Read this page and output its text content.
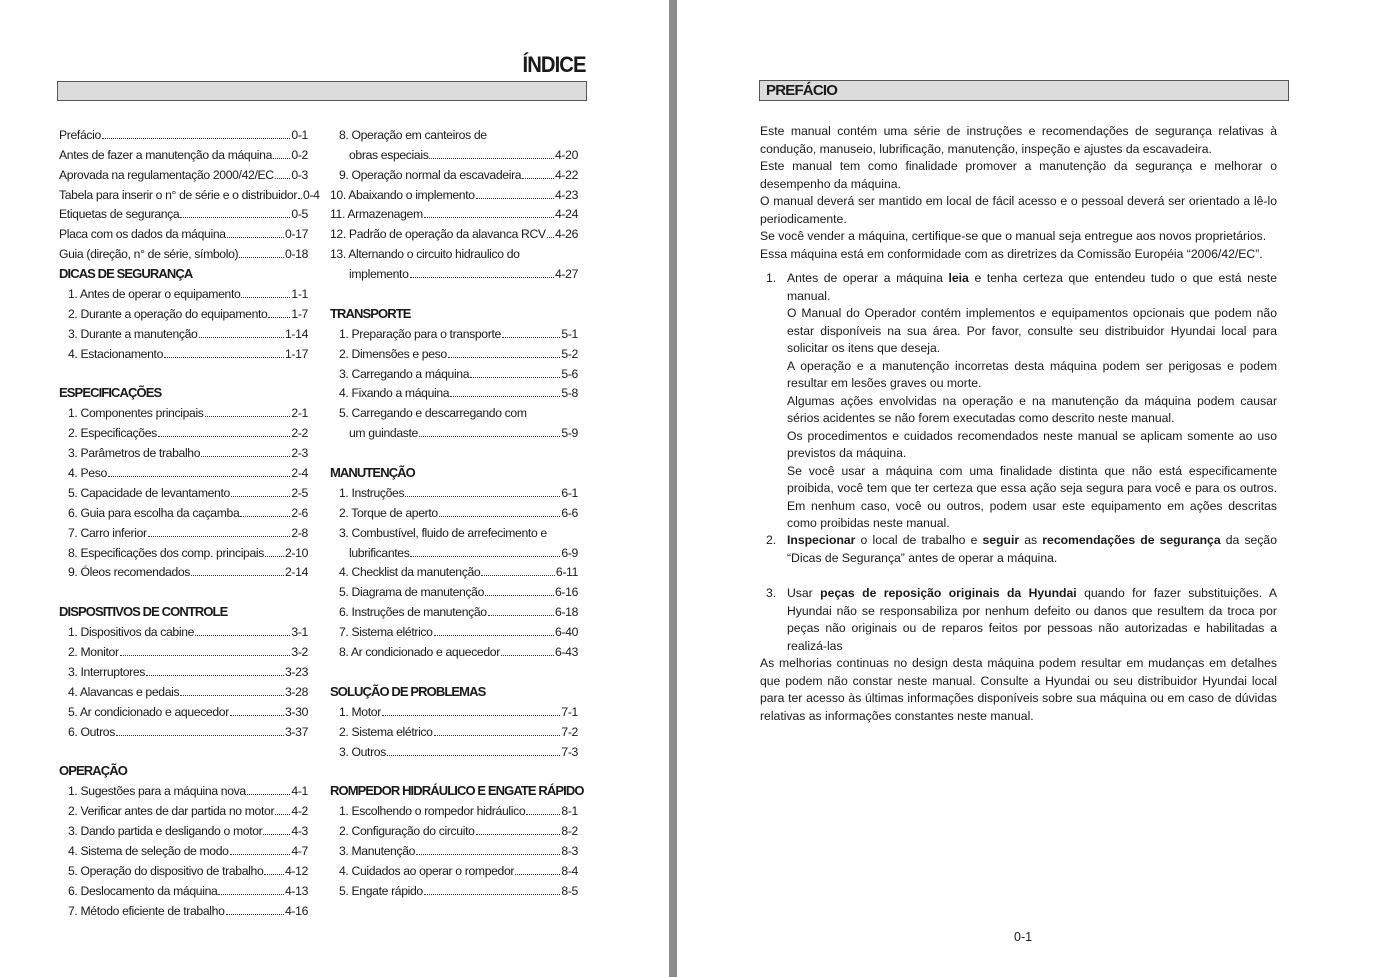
ÍNDICE
Prefácio	0-1
Antes de fazer a manutenção da máquina 0-2
Aprovada na regulamentação 2000/42/EC 0-3
Tabela para inserir o n° de série e o distribuidor 0-4
Etiquetas de segurança	0-5
Placa com os dados da máquina	0-17
Guia (direção, n° de série, símbolo)	0-18
DICAS DE SEGURANÇA
1. Antes de operar o equipamento	1-1
2. Durante a operação do equipamento 1-7
3. Durante a manutenção	1-14
4. Estacionamento	1-17
ESPECIFICAÇÕES
1. Componentes principais	2-1
2. Especificações	2-2
3. Parâmetros de trabalho	2-3
4. Peso	2-4
5. Capacidade de levantamento	2-5
6. Guia para escolha da caçamba	2-6
7. Carro inferior	2-8
8. Especificações dos comp. principais 2-10
9. Óleos recomendados	2-14
DISPOSITIVOS DE CONTROLE
1. Dispositivos da cabine	3-1
2. Monitor	3-2
3. Interruptores	3-23
4. Alavancas e pedais	3-28
5. Ar condicionado e aquecedor	3-30
6. Outros	3-37
OPERAÇÃO
1. Sugestões para a máquina nova	4-1
2. Verificar antes de dar partida no motor 4-2
3. Dando partida e desligando o motor 4-3
4. Sistema de seleção de modo	4-7
5. Operação do dispositivo de trabalho 4-12
6. Deslocamento da máquina	4-13
7. Método eficiente de trabalho	4-16
8. Operação em canteiros de
obras especiais	4-20
9. Operação normal da escavadeira	4-22
10. Abaixando o implemento	4-23
11. Armazenagem	4-24
12. Padrão de operação da alavanca RCV 4-26
13. Alternando o circuito hidraulico do
implemento	4-27
TRANSPORTE
1. Preparação para o transporte	5-1
2. Dimensões e peso	5-2
3. Carregando a máquina	5-6
4. Fixando a máquina	5-8
5. Carregando e descarregando com
um guindaste	5-9
MANUTENÇÃO
1. Instruções	6-1
2. Torque de aperto	6-6
3. Combustível, fluido de arrefecimento e
lubrificantes	6-9
4. Checklist da manutenção	6-11
5. Diagrama de manutenção	6-16
6. Instruções de manutenção	6-18
7. Sistema elétrico	6-40
8. Ar condicionado e aquecedor	6-43
SOLUÇÃO DE PROBLEMAS
1. Motor	7-1
2. Sistema elétrico	7-2
3. Outros	7-3
ROMPEDOR HIDRÁULICO E ENGATE RÁPIDO
1. Escolhendo o rompedor hidráulico	8-1
2. Configuração do circuito	8-2
3. Manutenção	8-3
4. Cuidados ao operar o rompedor	8-4
5. Engate rápido	8-5
PREFÁCIO

Este manual contém uma série de instruções e recomendações de segurança relativas à condução, manuseio, lubrificação, manutenção, inspeção e ajustes da escavadeira.

Este manual tem como finalidade promover a manutenção da segurança e melhorar o desempenho da máquina.

O manual deverá ser mantido em local de fácil acesso e o pessoal deverá ser orientado a lê-lo periodicamente.

Se você vender a máquina, certifique-se que o manual seja entregue aos novos proprietários.

Essa máquina está em conformidade com as diretrizes da Comissão Européia “2006/42/EC”.

1. Antes de operar a máquina leia e tenha certeza que entendeu tudo o que está neste manual.

O Manual do Operador contém implementos e equipamentos opcionais que podem não estar disponíveis na sua área. Por favor, consulte seu distribuidor Hyundai local para solicitar os itens que deseja.

A operação e a manutenção incorretas desta máquina podem ser perigosas e podem resultar em lesões graves ou morte.

Algumas ações envolvidas na operação e na manutenção da máquina podem causar sérios acidentes se não forem executadas como descrito neste manual.

Os procedimentos e cuidados recomendados neste manual se aplicam somente ao uso previstos da máquina.

Se você usar a máquina com uma finalidade distinta que não está especificamente proibida, você tem que ter certeza que essa ação seja segura para você e para os outros. Em nenhum caso, você ou outros, podem usar este equipamento em ações descritas como proibidas neste manual.

2. Inspecionar o local de trabalho e seguir as recomendações de segurança da seção “Dicas de Segurança” antes de operar a máquina.

3. Usar peças de reposição originais da Hyundai quando for fazer substituições. A Hyundai não se responsabiliza por nenhum defeito ou danos que resultem da troca por peças não originais ou de reparos feitos por pessoas não autorizadas e habilitadas a realizá-las

As melhorias continuas no design desta máquina podem resultar em mudanças em detalhes que podem não constar neste manual. Consulte a Hyundai ou seu distribuidor Hyundai local para ter acesso às últimas informações disponíveis sobre sua máquina ou em caso de dúvidas relativas as informações constantes neste manual.

0-1
